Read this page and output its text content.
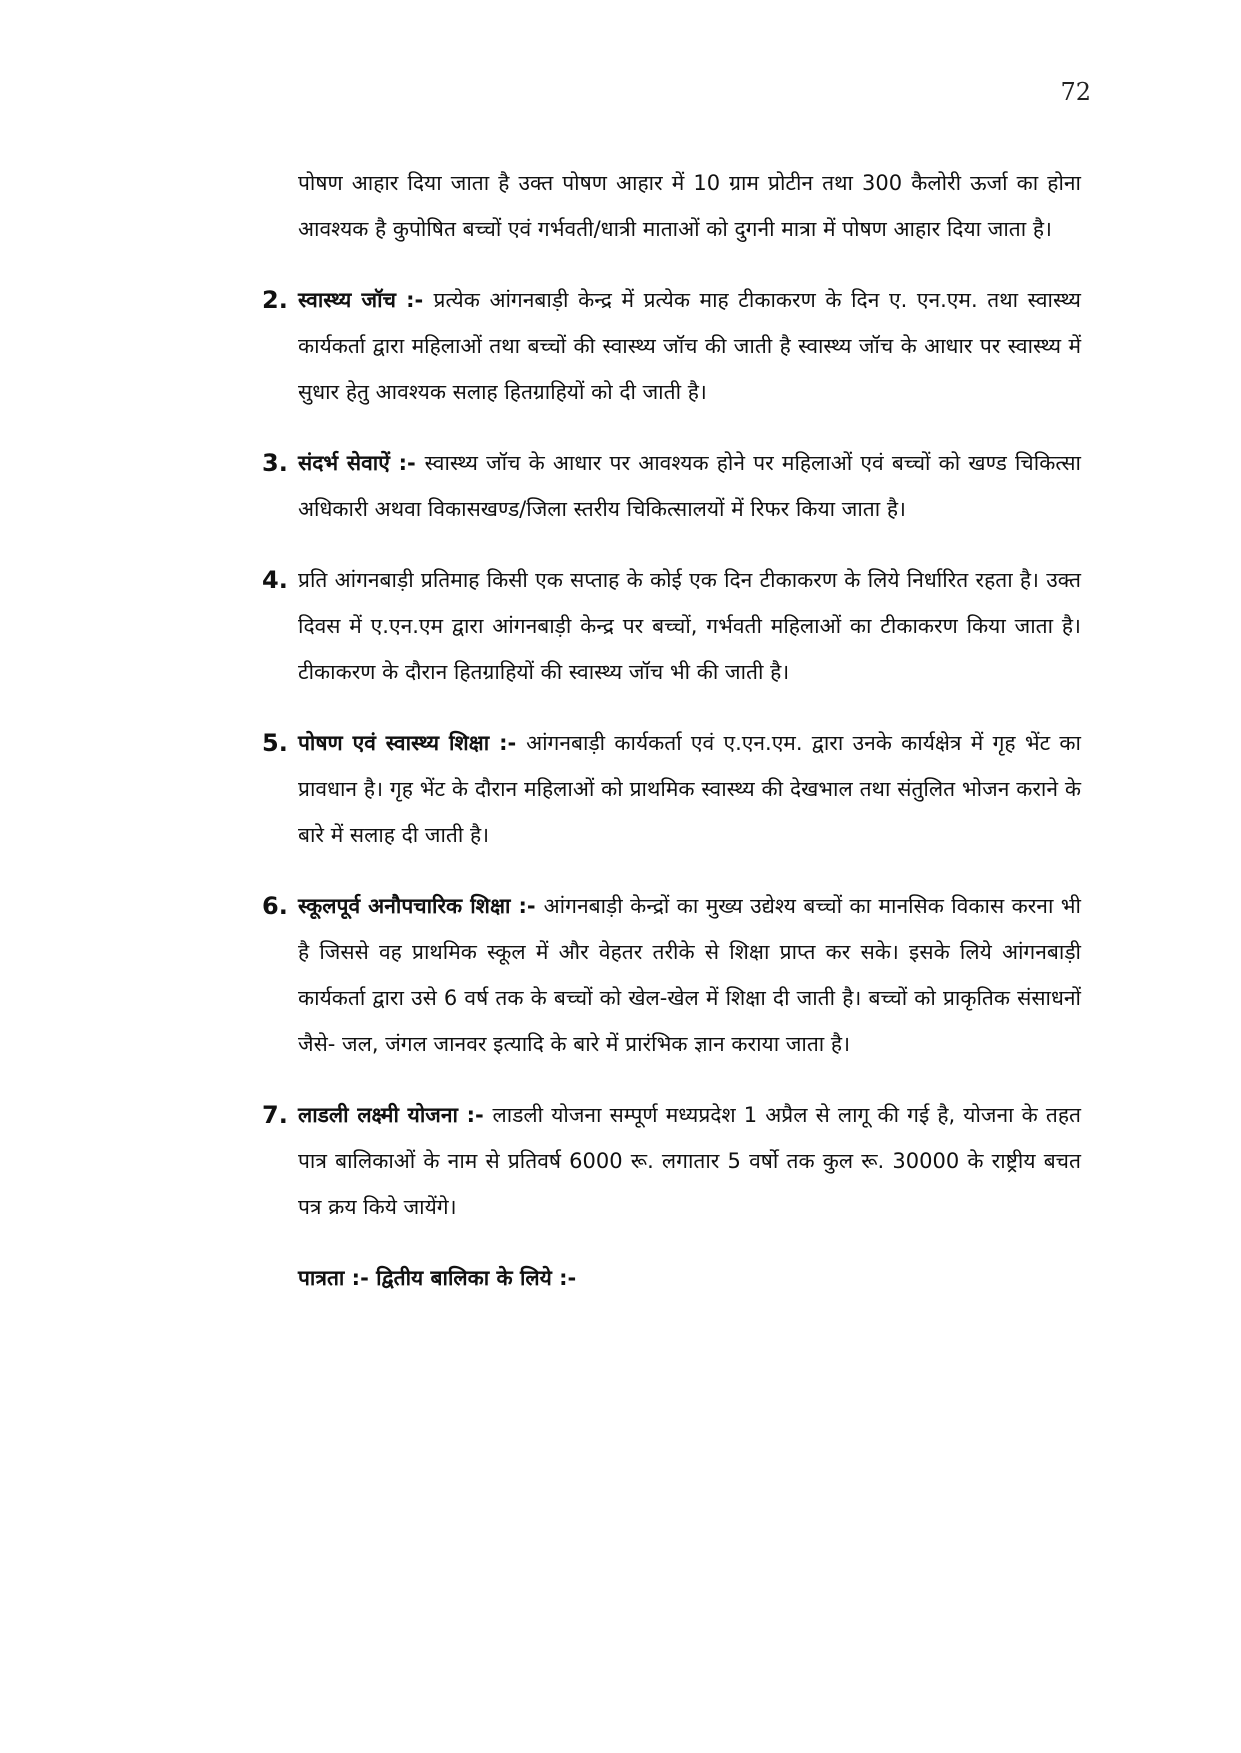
72

पोषण आहार दिया जाता है उक्त पोषण आहार में 10 ग्राम प्रोटीन तथा 300 कैलोरी ऊर्जा का होना आवश्यक है कुपोषित बच्चों एवं गर्भवती/धात्री माताओं को दुगनी मात्रा में पोषण आहार दिया जाता है।

2. स्वास्थ्य जॉच :- प्रत्येक आंगनबाड़ी केन्द्र में प्रत्येक माह टीकाकरण के दिन ए. एन.एम. तथा स्वास्थ्य कार्यकर्ता द्वारा महिलाओं तथा बच्चों की स्वास्थ्य जॉच की जाती है स्वास्थ्य जॉच के आधार पर स्वास्थ्य में सुधार हेतु आवश्यक सलाह हितग्राहियों को दी जाती है।
3. संदर्भ सेवाऐं :- स्वास्थ्य जॉच के आधार पर आवश्यक होने पर महिलाओं एवं बच्चों को खण्ड चिकित्सा अधिकारी अथवा विकासखण्ड/जिला स्तरीय चिकित्सालयों में रिफर किया जाता है।
4. प्रति आंगनबाड़ी प्रतिमाह किसी एक सप्ताह के कोई एक दिन टीकाकरण के लिये निर्धारित रहता है। उक्त दिवस में ए.एन.एम द्वारा आंगनबाड़ी केन्द्र पर बच्चों, गर्भवती महिलाओं का टीकाकरण किया जाता है। टीकाकरण के दौरान हितग्राहियों की स्वास्थ्य जॉच भी की जाती है।
5. पोषण एवं स्वास्थ्य शिक्षा :- आंगनबाड़ी कार्यकर्ता एवं ए.एन.एम. द्वारा उनके कार्यक्षेत्र में गृह भेंट का प्रावधान है। गृह भेंट के दौरान महिलाओं को प्राथमिक स्वास्थ्य की देखभाल तथा संतुलित भोजन कराने के बारे में सलाह दी जाती है।
6. स्कूलपूर्व अनौपचारिक शिक्षा :- आंगनबाड़ी केन्द्रों का मुख्य उद्येश्य बच्चों का मानसिक विकास करना भी है जिससे वह प्राथमिक स्कूल में और वेहतर तरीके से शिक्षा प्राप्त कर सके। इसके लिये आंगनबाड़ी कार्यकर्ता द्वारा उसे 6 वर्ष तक के बच्चों को खेल-खेल में शिक्षा दी जाती है। बच्चों को प्राकृतिक संसाधनों जैसे- जल, जंगल जानवर इत्यादि के बारे में प्रारंभिक ज्ञान कराया जाता है।
7. लाडली लक्ष्मी योजना :- लाडली योजना सम्पूर्ण मध्यप्रदेश 1 अप्रैल से लागू की गई है, योजना के तहत पात्र बालिकाओं के नाम से प्रतिवर्ष 6000 रू. लगातार 5 वर्षो तक कुल रू. 30000 के राष्ट्रीय बचत पत्र क्रय किये जायेंगे।

पात्रता :- द्वितीय बालिका के लिये :-
